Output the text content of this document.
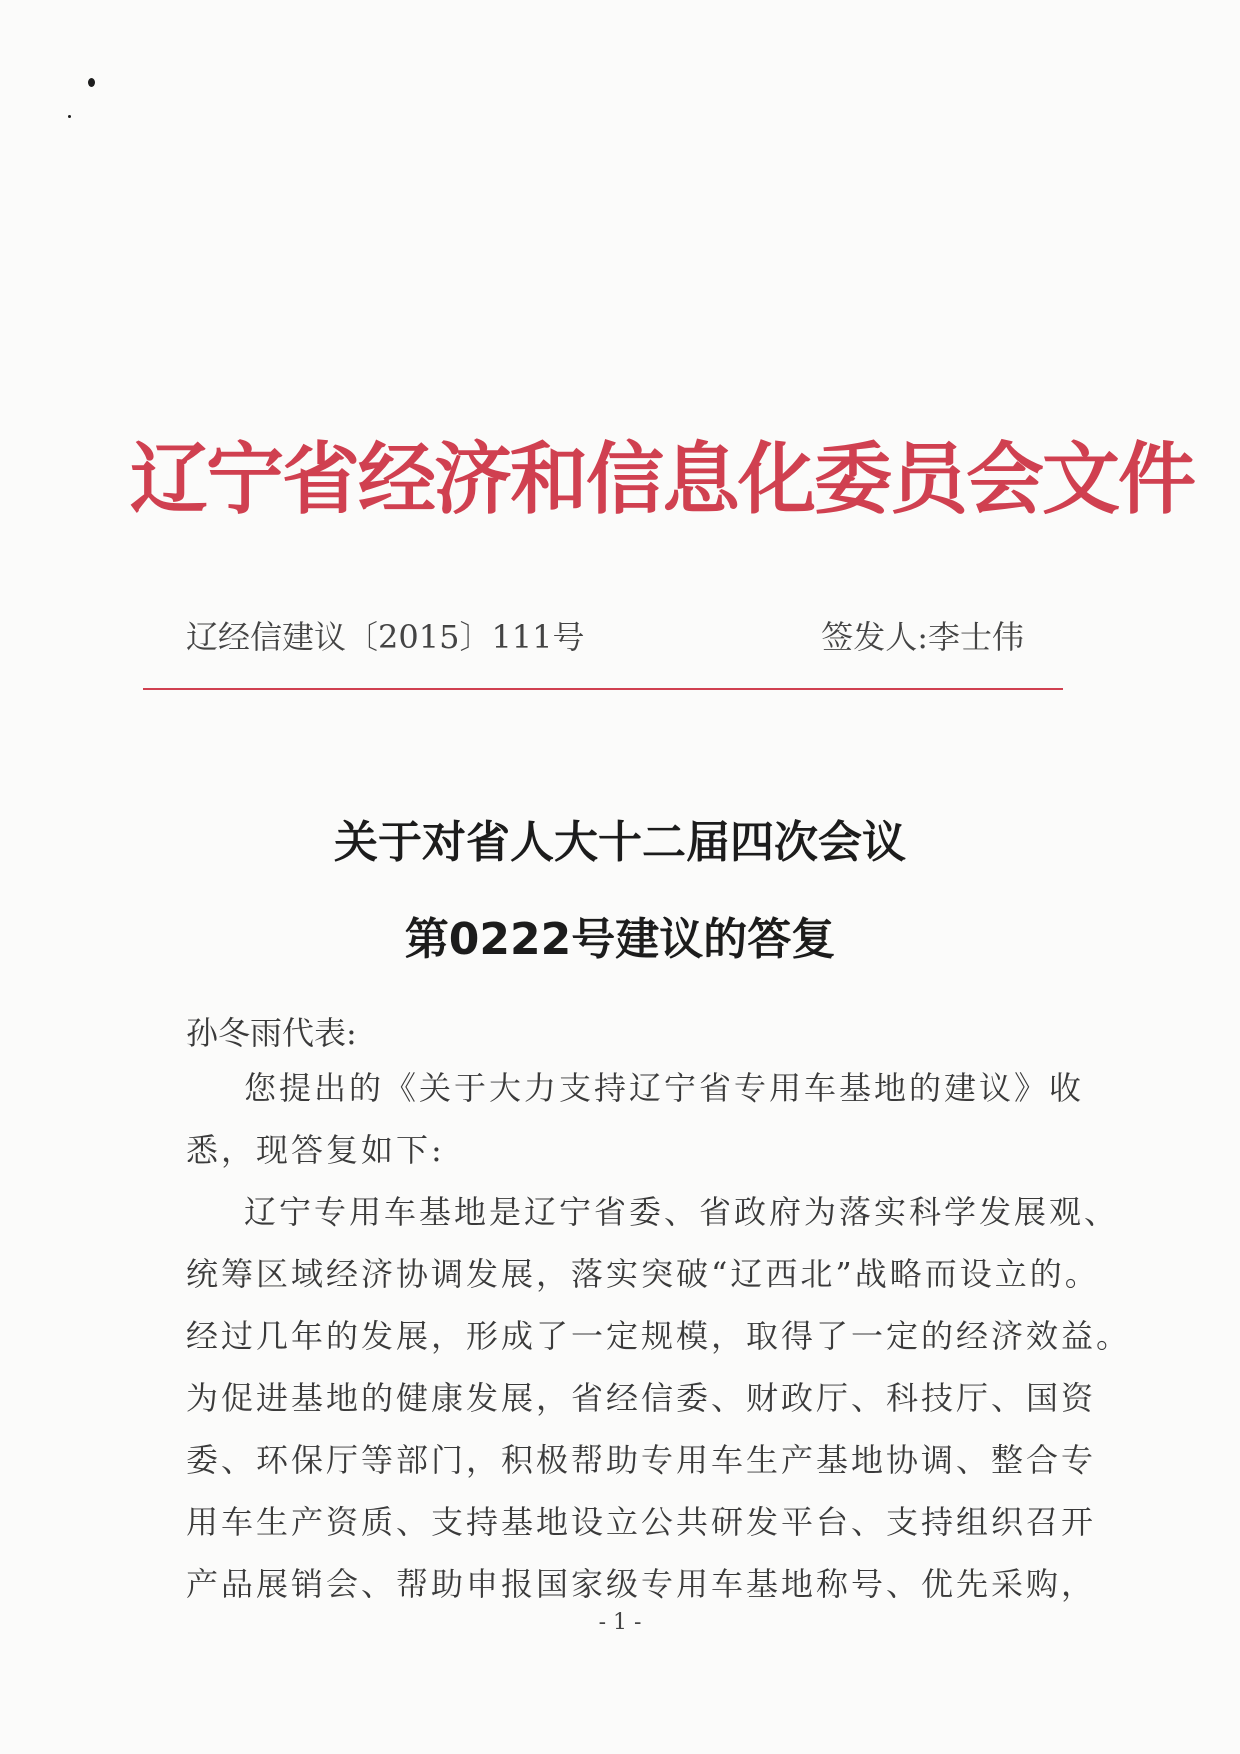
辽宁省经济和信息化委员会文件
辽经信建议〔2015〕111号	签发人:李士伟
关于对省人大十二届四次会议
第0222号建议的答复
孙冬雨代表:
您提出的《关于大力支持辽宁省专用车基地的建议》收
悉，现答复如下:
辽宁专用车基地是辽宁省委、省政府为落实科学发展观、
统筹区域经济协调发展，落实突破“辽西北”战略而设立的。
经过几年的发展，形成了一定规模，取得了一定的经济效益。
为促进基地的健康发展，省经信委、财政厅、科技厅、国资
委、环保厅等部门，积极帮助专用车生产基地协调、整合专
用车生产资质、支持基地设立公共研发平台、支持组织召开
产品展销会、帮助申报国家级专用车基地称号、优先采购，
- 1 -
